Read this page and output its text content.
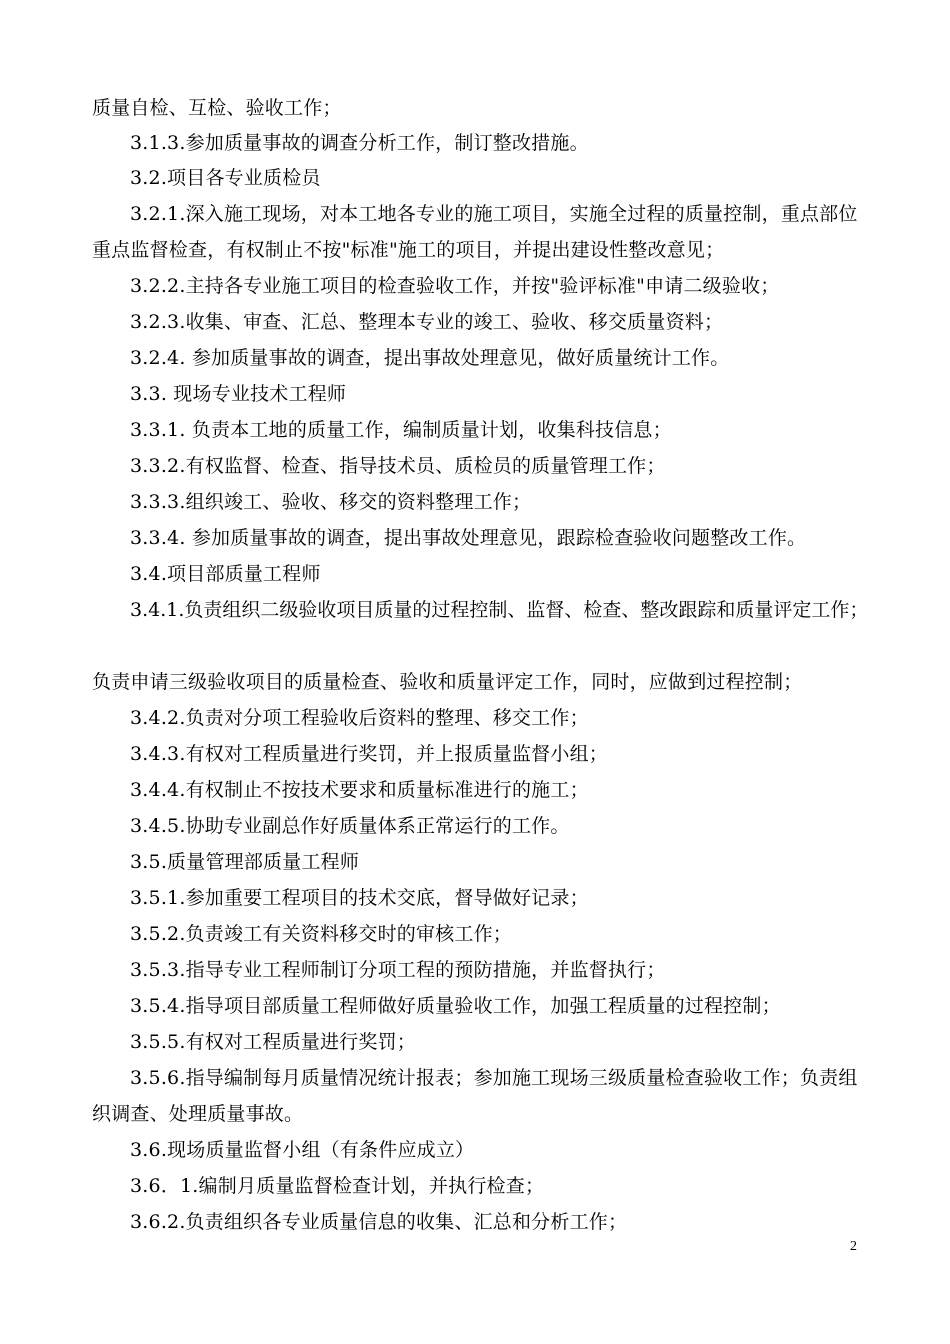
质量自检、互检、验收工作；
3.1.3.参加质量事故的调查分析工作，制订整改措施。
3.2.项目各专业质检员
3.2.1.深入施工现场，对本工地各专业的施工项目，实施全过程的质量控制，重点部位
重点监督检查，有权制止不按"标准"施工的项目，并提出建设性整改意见；
3.2.2.主持各专业施工项目的检查验收工作，并按"验评标准"申请二级验收；
3.2.3.收集、审查、汇总、整理本专业的竣工、验收、移交质量资料；
3.2.4. 参加质量事故的调查，提出事故处理意见，做好质量统计工作。
3.3. 现场专业技术工程师
3.3.1. 负责本工地的质量工作，编制质量计划，收集科技信息；
3.3.2.有权监督、检查、指导技术员、质检员的质量管理工作；
3.3.3.组织竣工、验收、移交的资料整理工作；
3.3.4. 参加质量事故的调查，提出事故处理意见，跟踪检查验收问题整改工作。
3.4.项目部质量工程师
3.4.1.负责组织二级验收项目质量的过程控制、监督、检查、整改跟踪和质量评定工作；
负责申请三级验收项目的质量检查、验收和质量评定工作，同时，应做到过程控制；
3.4.2.负责对分项工程验收后资料的整理、移交工作；
3.4.3.有权对工程质量进行奖罚，并上报质量监督小组；
3.4.4.有权制止不按技术要求和质量标准进行的施工；
3.4.5.协助专业副总作好质量体系正常运行的工作。
3.5.质量管理部质量工程师
3.5.1.参加重要工程项目的技术交底，督导做好记录；
3.5.2.负责竣工有关资料移交时的审核工作；
3.5.3.指导专业工程师制订分项工程的预防措施，并监督执行；
3.5.4.指导项目部质量工程师做好质量验收工作，加强工程质量的过程控制；
3.5.5.有权对工程质量进行奖罚；
3.5.6.指导编制每月质量情况统计报表；参加施工现场三级质量检查验收工作；负责组
织调查、处理质量事故。
3.6.现场质量监督小组（有条件应成立）
3.6．1.编制月质量监督检查计划，并执行检查；
3.6.2.负责组织各专业质量信息的收集、汇总和分析工作；
2
